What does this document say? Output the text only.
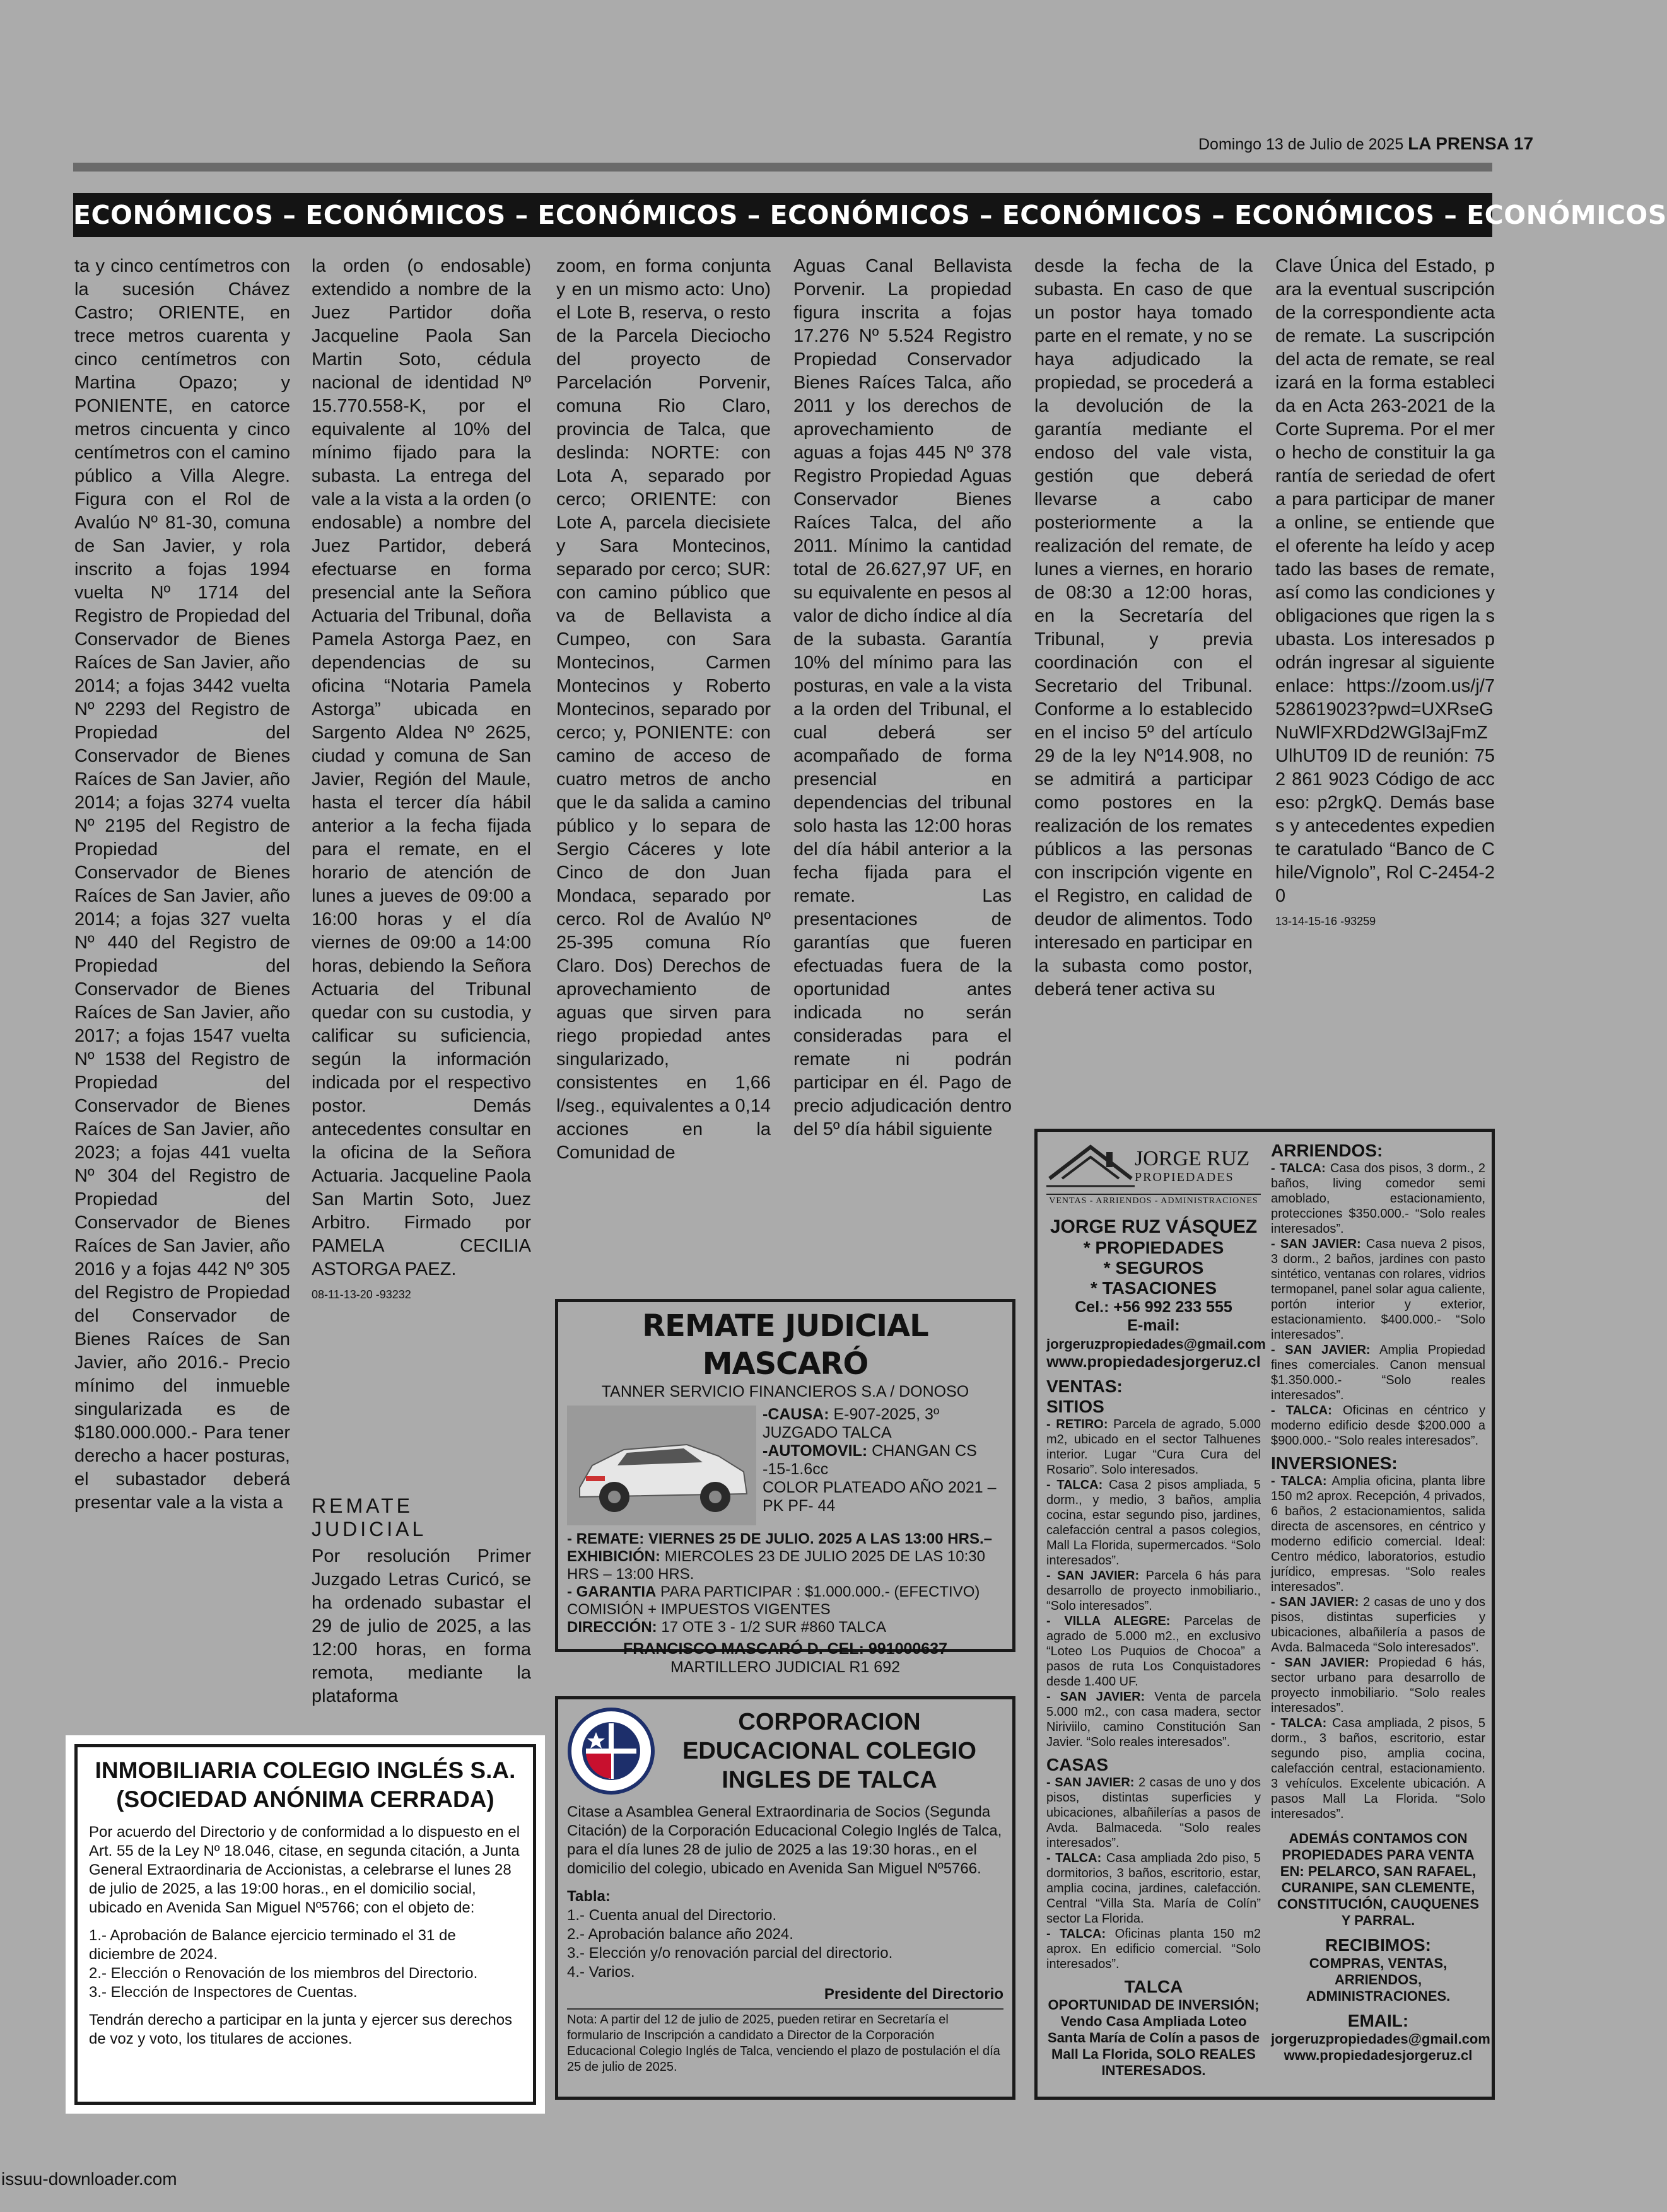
Domingo 13 de Julio de 2025 LA PRENSA 17
ECONÓMICOS – ECONÓMICOS – ECONÓMICOS – ECONÓMICOS – ECONÓMICOS – ECONÓMICOS – ECONÓMICOS
ta y cinco centímetros con la sucesión Chávez Castro; ORIENTE, en trece metros cuarenta y cinco centímetros con Martina Opazo; y PONIENTE, en catorce metros cincuenta y cinco centímetros con el camino público a Villa Alegre. Figura con el Rol de Avalúo Nº 81-30, comuna de San Javier, y rola inscrito a fojas 1994 vuelta Nº 1714 del Registro de Propiedad del Conservador de Bienes Raíces de San Javier, año 2014; a fojas 3442 vuelta Nº 2293 del Registro de Propiedad del Conservador de Bienes Raíces de San Javier, año 2014; a fojas 3274 vuelta Nº 2195 del Registro de Propiedad del Conservador de Bienes Raíces de San Javier, año 2014; a fojas 327 vuelta Nº 440 del Registro de Propiedad del Conservador de Bienes Raíces de San Javier, año 2017; a fojas 1547 vuelta Nº 1538 del Registro de Propiedad del Conservador de Bienes Raíces de San Javier, año 2023; a fojas 441 vuelta Nº 304 del Registro de Propiedad del Conservador de Bienes Raíces de San Javier, año 2016 y a fojas 442 Nº 305 del Registro de Propiedad del Conservador de Bienes Raíces de San Javier, año 2016.- Precio mínimo del inmueble singularizada es de $180.000.000.- Para tener derecho a hacer posturas, el subastador deberá presentar vale a la vista a
la orden (o endosable) extendido a nombre de la Juez Partidor doña Jacqueline Paola San Martin Soto, cédula nacional de identidad Nº 15.770.558-K, por el equivalente al 10% del mínimo fijado para la subasta. La entrega del vale a la vista a la orden (o endosable) a nombre del Juez Partidor, deberá efectuarse en forma presencial ante la Señora Actuaria del Tribunal, doña Pamela Astorga Paez, en dependencias de su oficina “Notaria Pamela Astorga” ubicada en Sargento Aldea Nº 2625, ciudad y comuna de San Javier, Región del Maule, hasta el tercer día hábil anterior a la fecha fijada para el remate, en el horario de atención de lunes a jueves de 09:00 a 16:00 horas y el día viernes de 09:00 a 14:00 horas, debiendo la Señora Actuaria del Tribunal quedar con su custodia, y calificar su suficiencia, según la información indicada por el respectivo postor. Demás antecedentes consultar en la oficina de la Señora Actuaria. Jacqueline Paola San Martin Soto, Juez Arbitro. Firmado por PAMELA CECILIA ASTORGA PAEZ.
08-11-13-20 -93232
REMATE JUDICIAL
Por resolución Primer Juzgado Letras Curicó, se ha ordenado subastar el 29 de julio de 2025, a las 12:00 horas, en forma remota, mediante la plataforma
zoom, en forma conjunta y en un mismo acto: Uno) el Lote B, reserva, o resto de la Parcela Dieciocho del proyecto de Parcelación Porvenir, comuna Rio Claro, provincia de Talca, que deslinda: NORTE: con Lota A, separado por cerco; ORIENTE: con Lote A, parcela diecisiete y Sara Montecinos, separado por cerco; SUR: con camino público que va de Bellavista a Cumpeo, con Sara Montecinos, Carmen Montecinos y Roberto Montecinos, separado por cerco; y, PONIENTE: con camino de acceso de cuatro metros de ancho que le da salida a camino público y lo separa de Sergio Cáceres y lote Cinco de don Juan Mondaca, separado por cerco. Rol de Avalúo Nº 25-395 comuna Río Claro. Dos) Derechos de aprovechamiento de aguas que sirven para riego propiedad antes singularizado, consistentes en 1,66 l/seg., equivalentes a 0,14 acciones en la Comunidad de
Aguas Canal Bellavista Porvenir. La propiedad figura inscrita a fojas 17.276 Nº 5.524 Registro Propiedad Conservador Bienes Raíces Talca, año 2011 y los derechos de aprovechamiento de aguas a fojas 445 Nº 378 Registro Propiedad Aguas Conservador Bienes Raíces Talca, del año 2011. Mínimo la cantidad total de 26.627,97 UF, en su equivalente en pesos al valor de dicho índice al día de la subasta. Garantía 10% del mínimo para las posturas, en vale a la vista a la orden del Tribunal, el cual deberá ser acompañado de forma presencial en dependencias del tribunal solo hasta las 12:00 horas del día hábil anterior a la fecha fijada para el remate. Las presentaciones de garantías que fueren efectuadas fuera de la oportunidad antes indicada no serán consideradas para el remate ni podrán participar en él. Pago de precio adjudicación dentro del 5º día hábil siguiente
desde la fecha de la subasta. En caso de que un postor haya tomado parte en el remate, y no se haya adjudicado la propiedad, se procederá a la devolución de la garantía mediante el endoso del vale vista, gestión que deberá llevarse a cabo posteriormente a la realización del remate, de lunes a viernes, en horario de 08:30 a 12:00 horas, en la Secretaría del Tribunal, y previa coordinación con el Secretario del Tribunal. Conforme a lo establecido en el inciso 5º del artículo 29 de la ley Nº14.908, no se admitirá a participar como postores en la realización de los remates públicos a las personas con inscripción vigente en el Registro, en calidad de deudor de alimentos. Todo interesado en participar en la subasta como postor, deberá tener activa su
Clave Única del Estado, para la eventual suscripción de la correspondiente acta de remate. La suscripción del acta de remate, se realizará en la forma establecida en Acta 263-2021 de la Corte Suprema. Por el mero hecho de constituir la garantía de seriedad de oferta para participar de manera online, se entiende que el oferente ha leído y aceptado las bases de remate, así como las condiciones y obligaciones que rigen la subasta. Los interesados podrán ingresar al siguiente enlace: https://zoom.us/j/7528619023?pwd=UXRseGNuWlFXRDd2WGl3ajFmZUlhUT09 ID de reunión: 752 861 9023 Código de acceso: p2rgkQ. Demás bases y antecedentes expediente caratulado “Banco de Chile/Vignolo”, Rol C-2454-20
13-14-15-16 -93259
REMATE JUDICIAL MASCARÓ
TANNER SERVICIO FINANCIEROS S.A / DONOSO
-CAUSA: E-907-2025, 3º JUZGADO TALCA
-AUTOMOVIL: CHANGAN CS -15-1.6cc
COLOR PLATEADO AÑO 2021 – PK PF- 44
- REMATE: VIERNES 25 DE JULIO. 2025 A LAS 13:00 HRS.–
EXHIBICIÓN: MIERCOLES 23 DE JULIO 2025 DE LAS 10:30 HRS – 13:00 HRS.
- GARANTIA PARA PARTICIPAR : $1.000.000.- (EFECTIVO) COMISIÓN + IMPUESTOS VIGENTES
DIRECCIÓN: 17 OTE 3 - 1/2 SUR #860 TALCA
FRANCISCO MASCARÓ D. CEL: 991000637
MARTILLERO JUDICIAL R1 692
CORPORACION EDUCACIONAL COLEGIO INGLES DE TALCA
Citase a Asamblea General Extraordinaria de Socios (Segunda Citación) de la Corporación Educacional Colegio Inglés de Talca, para el día lunes 28 de julio de 2025 a las 19:30 horas., en el domicilio del colegio, ubicado en Avenida San Miguel Nº5766.
Tabla:
1.- Cuenta anual del Directorio.
2.- Aprobación balance año 2024.
3.- Elección y/o renovación parcial del directorio.
4.- Varios.
Presidente del Directorio
Nota: A partir del 12 de julio de 2025, pueden retirar en Secretaría el formulario de Inscripción a candidato a Director de la Corporación Educacional Colegio Inglés de Talca, venciendo el plazo de postulación el día 25 de julio de 2025.
INMOBILIARIA COLEGIO INGLÉS S.A.
(SOCIEDAD ANÓNIMA CERRADA)

Por acuerdo del Directorio y de conformidad a lo dispuesto en el Art. 55 de la Ley Nº 18.046, citase, en segunda citación, a Junta General Extraordinaria de Accionistas, a celebrarse el lunes 28 de julio de 2025, a las 19:00 horas., en el domicilio social, ubicado en Avenida San Miguel Nº5766; con el objeto de:

1.- Aprobación de Balance ejercicio terminado el 31 de diciembre de 2024.
2.- Elección o Renovación de los miembros del Directorio.
3.- Elección de Inspectores de Cuentas.

Tendrán derecho a participar en la junta y ejercer sus derechos de voz y voto, los titulares de acciones.

JORGE RUZ
PROPIEDADES
VENTAS - ARRIENDOS - ADMINISTRACIONES
JORGE RUZ VÁSQUEZ
* PROPIEDADES
* SEGUROS
* TASACIONES
Cel.: +56 992 233 555
E-mail:
jorgeruzpropiedades@gmail.com
www.propiedadesjorgeruz.cl
VENTAS:
SITIOS
- RETIRO: Parcela de agrado, 5.000 m2, ubicado en el sector Talhuenes interior. Lugar “Cura Cura del Rosario”. Solo interesados.
- TALCA: Casa 2 pisos ampliada, 5 dorm., y medio, 3 baños, amplia cocina, estar segundo piso, jardines, calefacción central a pasos colegios, Mall La Florida, supermercados. “Solo interesados”.
- SAN JAVIER: Parcela 6 hás para desarrollo de proyecto inmobiliario., “Solo interesados”.
- VILLA ALEGRE: Parcelas de agrado de 5.000 m2., en exclusivo “Loteo Los Puquios de Chocoa” a pasos de ruta Los Conquistadores desde 1.400 UF.
- SAN JAVIER: Venta de parcela 5.000 m2., con casa madera, sector Niriviilo, camino Constitución San Javier. “Solo reales interesados”.
CASAS
- SAN JAVIER: 2 casas de uno y dos pisos, distintas superficies y ubicaciones, albañilerías a pasos de Avda. Balmaceda. “Solo reales interesados”.
- TALCA: Casa ampliada 2do piso, 5 dormitorios, 3 baños, escritorio, estar, amplia cocina, jardines, calefacción. Central “Villa Sta. María de Colín” sector La Florida.
- TALCA: Oficinas planta 150 m2 aprox. En edificio comercial. “Solo interesados”.
TALCA
OPORTUNIDAD DE INVERSIÓN; Vendo Casa Ampliada Loteo Santa María de Colín a pasos de Mall La Florida, SOLO REALES INTERESADOS.
ARRIENDOS:
- TALCA: Casa dos pisos, 3 dorm., 2 baños, living comedor semi amoblado, estacionamiento, protecciones $350.000.- “Solo reales interesados”.
- SAN JAVIER: Casa nueva 2 pisos, 3 dorm., 2 baños, jardines con pasto sintético, ventanas con rolares, vidrios termopanel, panel solar agua caliente, portón interior y exterior, estacionamiento. $400.000.- “Solo interesados”.
- SAN JAVIER: Amplia Propiedad fines comerciales. Canon mensual $1.350.000.- “Solo reales interesados”.
- TALCA: Oficinas en céntrico y moderno edificio desde $200.000 a $900.000.- “Solo reales interesados”.
INVERSIONES:
- TALCA: Amplia oficina, planta libre 150 m2 aprox. Recepción, 4 privados, 6 baños, 2 estacionamientos, salida directa de ascensores, en céntrico y moderno edificio comercial. Ideal: Centro médico, laboratorios, estudio jurídico, empresas. “Solo reales interesados”.
- SAN JAVIER: 2 casas de uno y dos pisos, distintas superficies y ubicaciones, albañilería a pasos de Avda. Balmaceda “Solo interesados”.
- SAN JAVIER: Propiedad 6 hás, sector urbano para desarrollo de proyecto inmobiliario. “Solo reales interesados”.
- TALCA: Casa ampliada, 2 pisos, 5 dorm., 3 baños, escritorio, estar segundo piso, amplia cocina, calefacción central, estacionamiento. 3 vehículos. Excelente ubicación. A pasos Mall La Florida. “Solo interesados”.
ADEMÁS CONTAMOS CON PROPIEDADES PARA VENTA EN: PELARCO, SAN RAFAEL, CURANIPE, SAN CLEMENTE, CONSTITUCIÓN, CAUQUENES Y PARRAL.
RECIBIMOS:
COMPRAS, VENTAS, ARRIENDOS, ADMINISTRACIONES.
EMAIL:
jorgeruzpropiedades@gmail.com
www.propiedadesjorgeruz.cl
issuu-downloader.com
